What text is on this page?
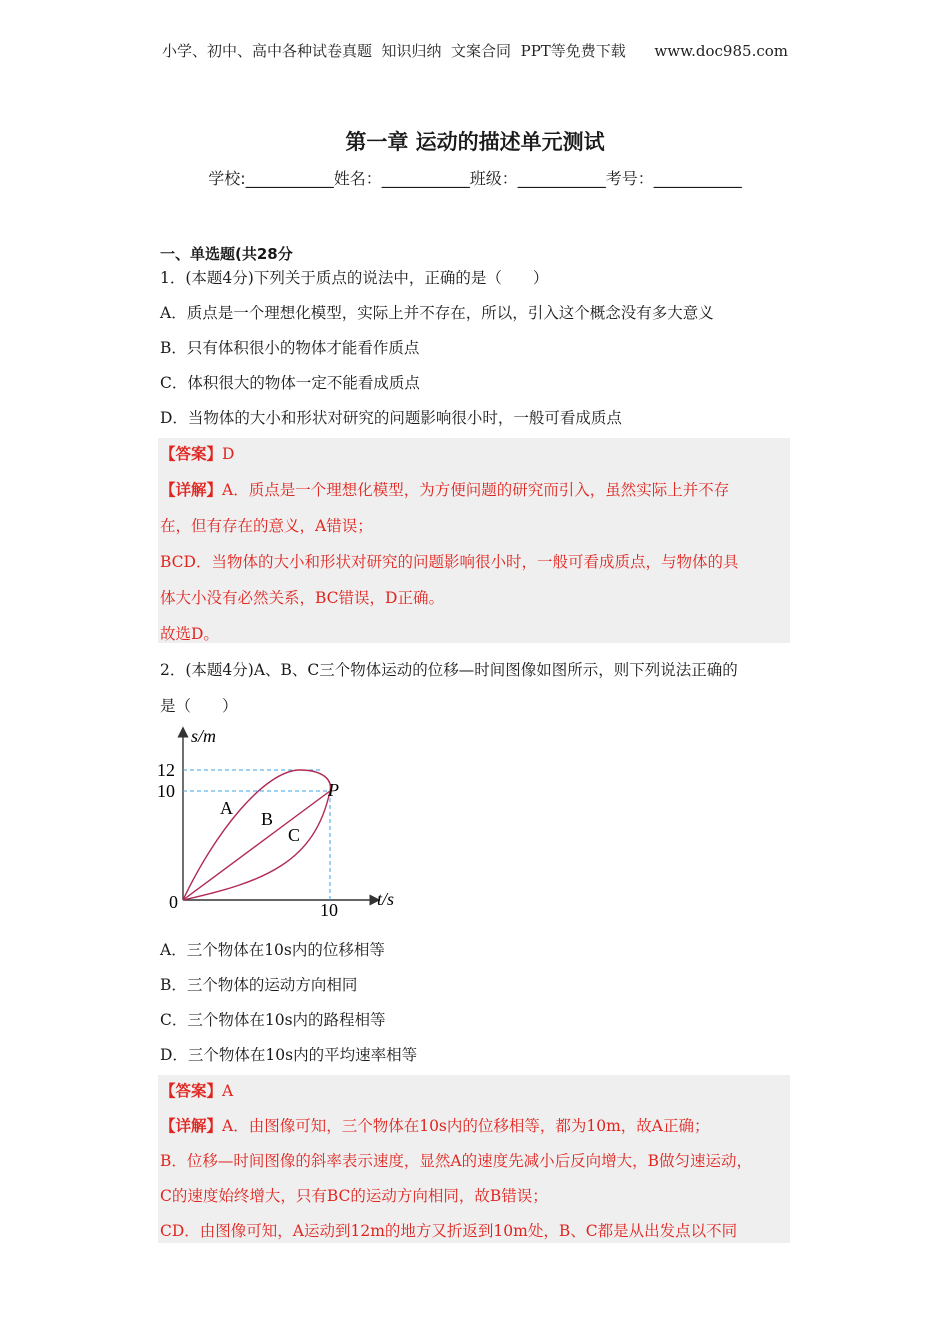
小学、初中、高中各种试卷真题  知识归纳  文案合同  PPT等免费下载      www.doc985.com
第一章 运动的描述单元测试
学校:___________姓名：___________班级：___________考号：___________
一、单选题(共28分
1．(本题4分)下列关于质点的说法中，正确的是（　　）
A．质点是一个理想化模型，实际上并不存在，所以，引入这个概念没有多大意义
B．只有体积很小的物体才能看作质点
C．体积很大的物体一定不能看成质点
D．当物体的大小和形状对研究的问题影响很小时，一般可看成质点
【答案】D
【详解】A．质点是一个理想化模型，为方便问题的研究而引入，虽然实际上并不存
在，但有存在的意义，A错误；
BCD．当物体的大小和形状对研究的问题影响很小时，一般可看成质点，与物体的具
体大小没有必然关系，BC错误，D正确。
故选D。
2．(本题4分)A、B、C三个物体运动的位移—时间图像如图所示，则下列说法正确的
是（　　）
s/m
t/s
0
12
10
10
P
A
B
C
A．三个物体在10s内的位移相等
B．三个物体的运动方向相同
C．三个物体在10s内的路程相等
D．三个物体在10s内的平均速率相等
【答案】A
【详解】A．由图像可知，三个物体在10s内的位移相等，都为10m，故A正确；
B．位移—时间图像的斜率表示速度，显然A的速度先减小后反向增大，B做匀速运动，
C的速度始终增大，只有BC的运动方向相同，故B错误；
CD．由图像可知，A运动到12m的地方又折返到10m处，B、C都是从出发点以不同
